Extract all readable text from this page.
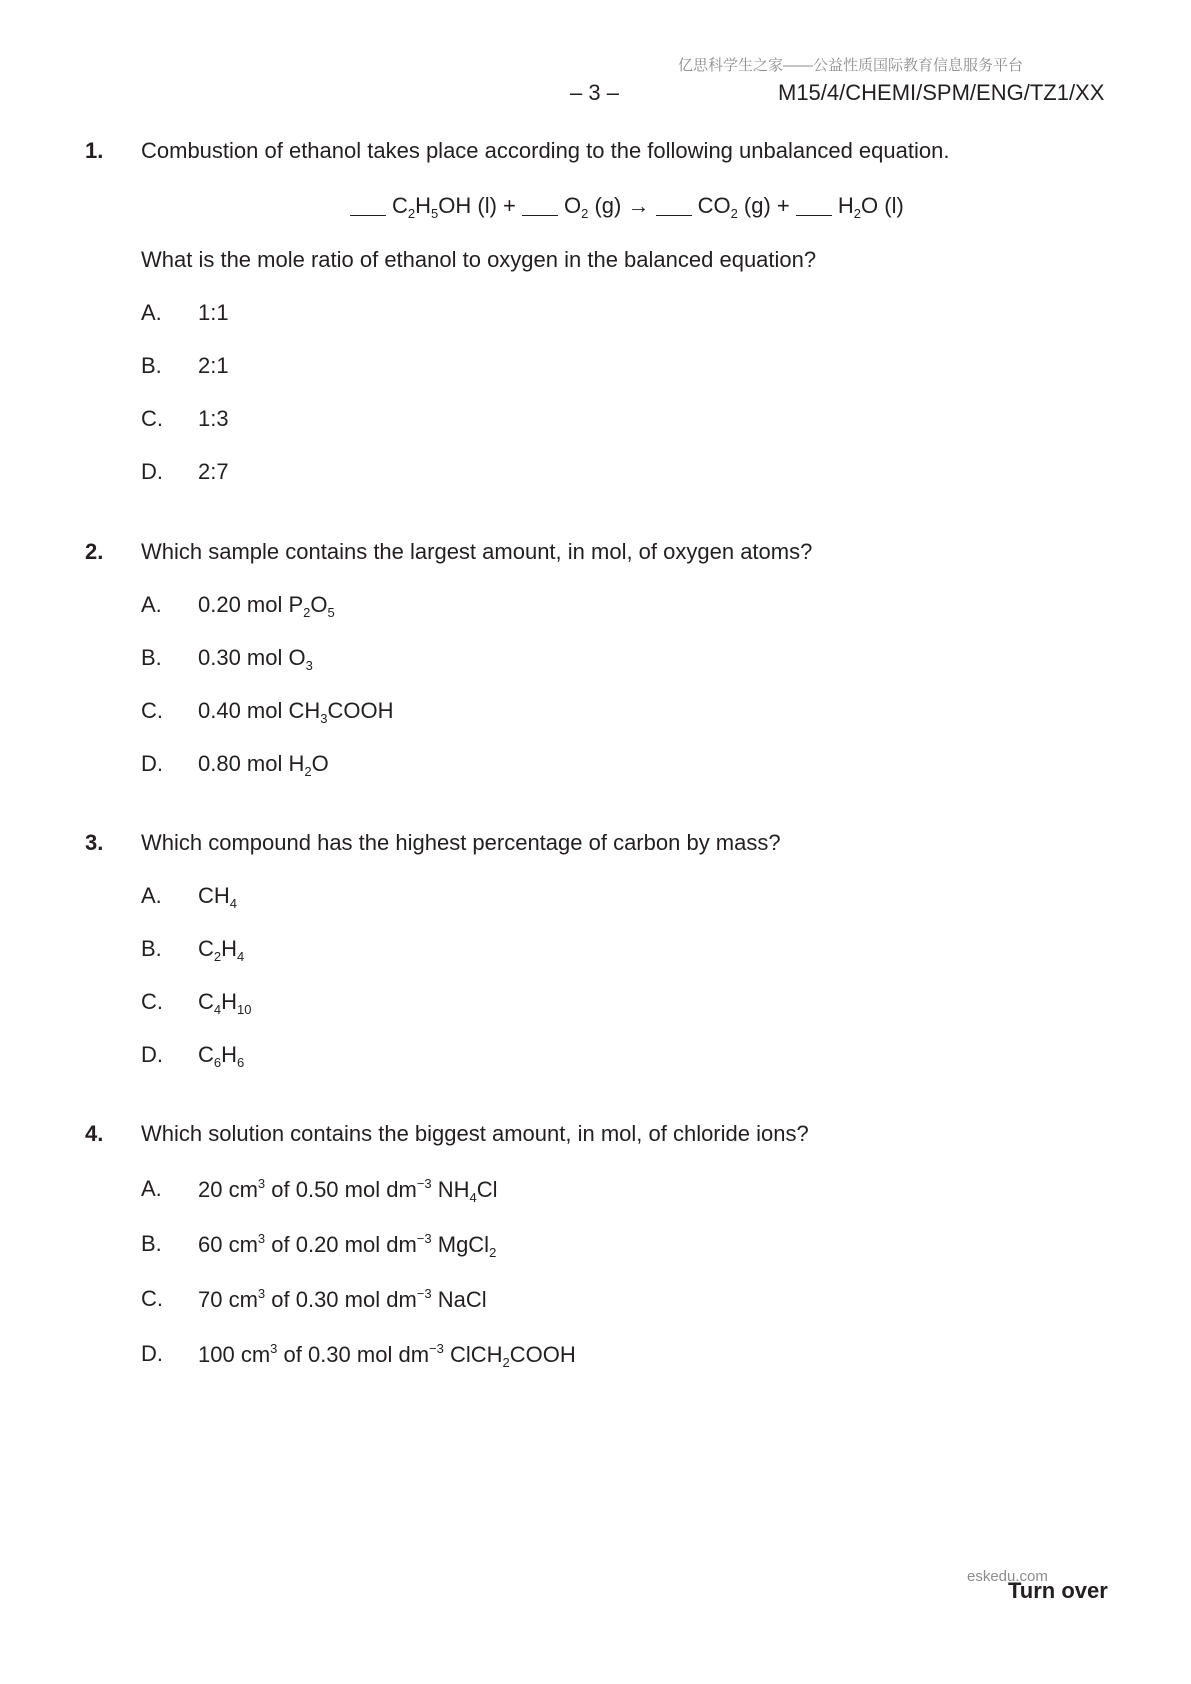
亿思科学生之家——公益性质国际教育信息服务平台
– 3 –	M15/4/CHEMI/SPM/ENG/TZ1/XX
1. Combustion of ethanol takes place according to the following unbalanced equation.
$C_2H_5OH$ $(l) + O_2$ $(g) \to CO_2$ $(g) + H_2O$ (l)
What is the mole ratio of ethanol to oxygen in the balanced equation?
A. 1:1
B. 2:1
C. 1:3
D. 2:7
2. Which sample contains the largest amount, in mol, of oxygen atoms?
A. 0.20 mol $P_2O_5$
B. 0.30 mol $O_3$
C. 0.40 mol $CH_3COOH$
D. 0.80 mol $H_2O$
3. Which compound has the highest percentage of carbon by mass?
A. $CH_4$
B. $C_2H_4$
C. $C_4H_{10}$
D. $C_6H_6$
4. Which solution contains the biggest amount, in mol, of chloride ions?
A. 20 $cm^3$ of 0.50 mol $dm^{-3}$ $NH_4Cl$
B. 60 $cm^3$ of 0.20 mol $dm^{-3}$ MgCl$_2$
C. 70 $cm^3$ of 0.30 mol $dm^{-3}$ NaCl
D. 100 $cm^3$ of 0.30 mol $dm^{-3}$ ClCH$_2$COOH
eskedu.com
Turn over
